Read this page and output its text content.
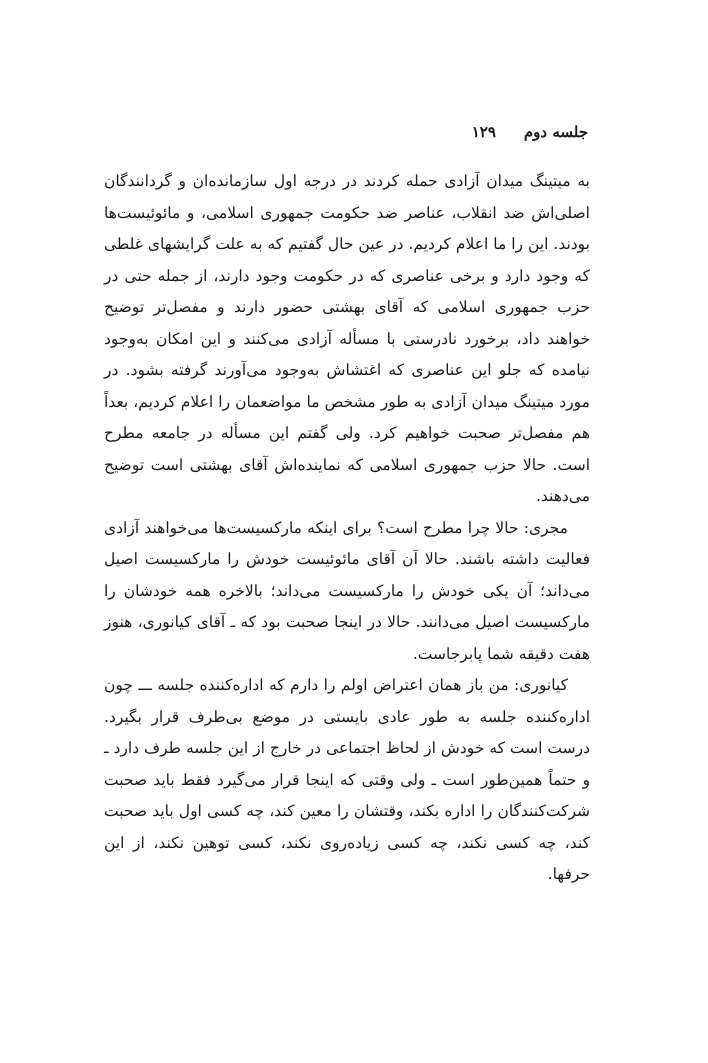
جلسه دوم
۱۲۹

به میتینگ میدان آزادی حمله کردند در درجه اول سازمانده‌ان و گردانندگان اصلی‌اش ضد انقلاب، عناصر ضد حکومت جمهوری اسلامی، و مائوئیست‌ها بودند. این را ما اعلام کردیم. در عین حال گفتیم که به علت گرایشهای غلطی که وجود دارد و برخی عناصری که در حکومت وجود دارند، از جمله حتی در حزب جمهوری اسلامی که آقای بهشتی حضور دارند و مفصل‌تر توضیح خواهند داد، برخورد نادرستی با مسأله آزادی می‌کنند و این امکان به‌وجود نیامده که جلو این عناصری که اغتشاش به‌وجود می‌آورند گرفته بشود. در مورد میتینگ میدان آزادی به طور مشخص ما مواضعمان را اعلام کردیم، بعداً هم مفصل‌تر صحبت خواهیم کرد. ولی گفتم این مسأله در جامعه مطرح است. حالا حزب جمهوری اسلامی که نماینده‌اش آقای بهشتی است توضیح می‌دهند.

مجری: حالا چرا مطرح است؟ برای اینکه مارکسیست‌ها می‌خواهند آزادی فعالیت داشته باشند. حالا آن آقای مائوئیست خودش را مارکسیست اصیل می‌داند؛ آن یکی خودش را مارکسیست می‌داند؛ بالاخره همه خودشان را مارکسیست اصیل می‌دانند. حالا در اینجا صحبت بود که ـ آقای کیانوری، هنوز هفت دقیقه شما پابرجاست.

کیانوری: من باز همان اعتراض اولم را دارم که اداره‌کننده جلسه ـــ چون اداره‌کننده جلسه به طور عادی بایستی در موضع بی‌طرف قرار بگیرد. درست است که خودش از لحاظ اجتماعی در خارج از این جلسه طرف دارد ـ و حتماً همین‌طور است ـ ولی وقتی که اینجا قرار می‌گیرد فقط باید صحبت شرکت‌کنندگان را اداره بکند، وقتشان را معین کند، چه کسی اول باید صحبت کند، چه کسی نکند، چه کسی زیاده‌روی نکند، کسی توهین نکند، از این حرفها.
